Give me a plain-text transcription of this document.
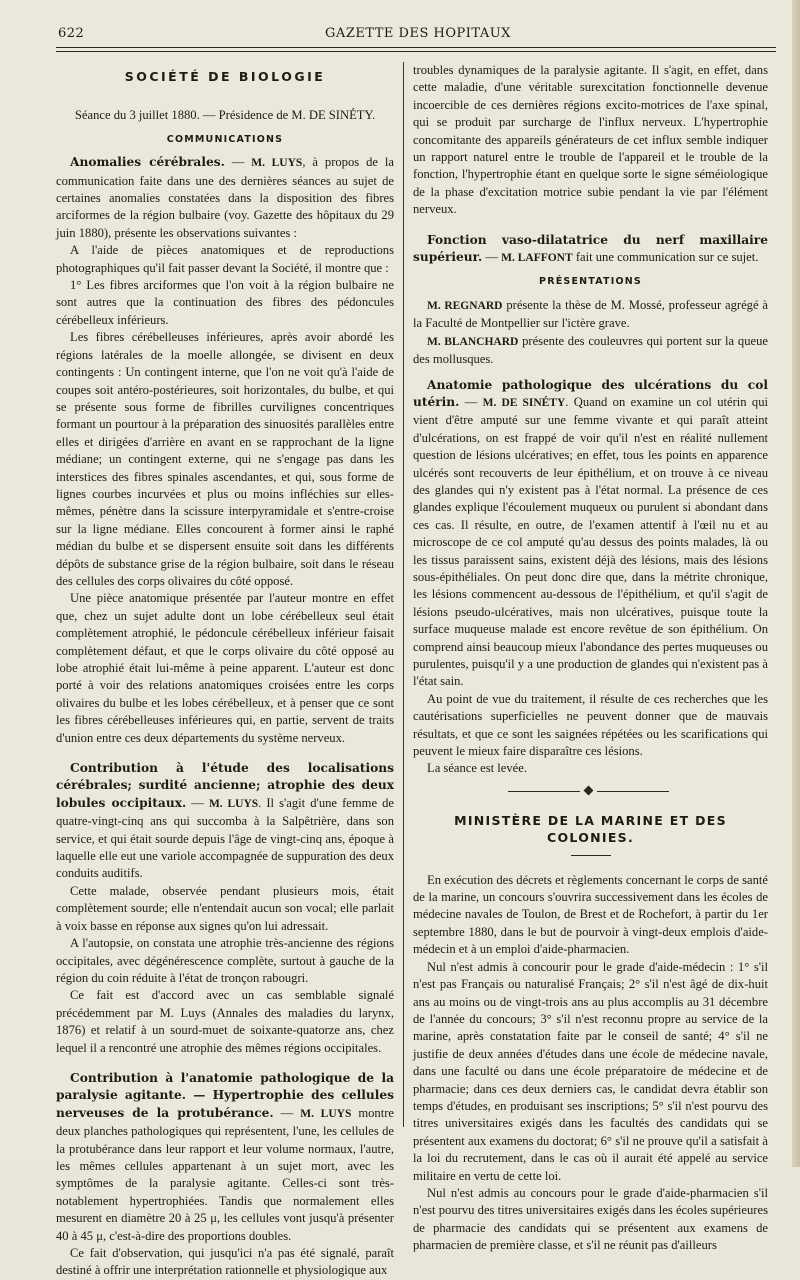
622	GAZETTE DES HOPITAUX
SOCIÉTÉ DE BIOLOGIE

Séance du 3 juillet 1880. — Présidence de M. DE SINÉTY.

COMMUNICATIONS

Anomalies cérébrales. — M. LUYS, à propos de la communication faite dans une des dernières séances au sujet de certaines anomalies constatées dans la disposition des fibres arciformes de la région bulbaire (voy. Gazette des hôpitaux du 29 juin 1880), présente les observations suivantes :

A l'aide de pièces anatomiques et de reproductions photographiques qu'il fait passer devant la Société, il montre que :

1° Les fibres arciformes que l'on voit à la région bulbaire ne sont autres que la continuation des fibres des pédoncules cérébelleux inférieurs.

Les fibres cérébelleuses inférieures, après avoir abordé les régions latérales de la moelle allongée, se divisent en deux contingents : Un contingent interne, que l'on ne voit qu'à l'aide de coupes soit antéro-postérieures, soit horizontales, du bulbe, et qui se présente sous forme de fibrilles curvilignes concentriques formant un pourtour à la préparation des sinuosités parallèles entre elles et dirigées d'arrière en avant en se rapprochant de la ligne médiane; un contingent externe, qui ne s'engage pas dans les interstices des fibres spinales ascendantes, et qui, sous forme de lignes courbes incurvées et plus ou moins infléchies sur elles-mêmes, pénètre dans la scissure interpyramidale et s'entre-croise sur la ligne médiane. Elles concourent à former ainsi le raphé médian du bulbe et se dispersent ensuite soit dans les différents dépôts de substance grise de la région bulbaire, soit dans le réseau des cellules des corps olivaires du côté opposé.

Une pièce anatomique présentée par l'auteur montre en effet que, chez un sujet adulte dont un lobe cérébelleux seul était complètement atrophié, le pédoncule cérébelleux inférieur faisait complètement défaut, et que le corps olivaire du côté opposé au lobe atrophié était lui-même à peine apparent. L'auteur est donc porté à voir des relations anatomiques croisées entre les corps olivaires du bulbe et les lobes cérébelleux, et à penser que ce sont les fibres cérébelleuses inférieures qui, en partie, servent de traits d'union entre ces deux départements du système nerveux.

Contribution à l'étude des localisations cérébrales; surdité ancienne; atrophie des deux lobules occipitaux. — M. LUYS. Il s'agit d'une femme de quatre-vingt-cinq ans qui succomba à la Salpêtrière, dans son service, et qui était sourde depuis l'âge de vingt-cinq ans, époque à laquelle elle eut une variole accompagnée de suppuration des deux conduits auditifs.

Cette malade, observée pendant plusieurs mois, était complètement sourde; elle n'entendait aucun son vocal; elle parlait à voix basse en réponse aux signes qu'on lui adressait.

A l'autopsie, on constata une atrophie très-ancienne des régions occipitales, avec dégénérescence complète, surtout à gauche de la région du coin réduite à l'état de tronçon rabougri.

Ce fait est d'accord avec un cas semblable signalé précédemment par M. Luys (Annales des maladies du larynx, 1876) et relatif à un sourd-muet de soixante-quatorze ans, chez lequel il a rencontré une atrophie des mêmes régions occipitales.

Contribution à l'anatomie pathologique de la paralysie agitante. — Hypertrophie des cellules nerveuses de la protubérance. — M. LUYS montre deux planches pathologiques qui représentent, l'une, les cellules de la protubérance dans leur rapport et leur volume normaux, l'autre, les mêmes cellules appartenant à un sujet mort, avec les symptômes de la paralysie agitante. Celles-ci sont très-notablement hypertrophiées. Tandis que normalement elles mesurent en diamètre 20 à 25 μ, les cellules vont jusqu'à présenter 40 à 45 μ, c'est-à-dire des proportions doubles.

Ce fait d'observation, qui jusqu'ici n'a pas été signalé, paraît destiné à offrir une interprétation rationnelle et physiologique aux

troubles dynamiques de la paralysie agitante. Il s'agit, en effet, dans cette maladie, d'une véritable surexcitation fonctionnelle devenue incoercible de ces dernières régions excito-motrices de l'axe spinal, qui se produit par surcharge de l'influx nerveux. L'hypertrophie concomitante des appareils générateurs de cet influx semble indiquer un rapport naturel entre le trouble de l'appareil et le trouble de la fonction, l'hypertrophie étant en quelque sorte le signe séméiologique de la phase d'excitation motrice subie pendant la vie par l'élément nerveux.

Fonction vaso-dilatatrice du nerf maxillaire supérieur. — M. LAFFONT fait une communication sur ce sujet.

PRÉSENTATIONS

M. REGNARD présente la thèse de M. Mossé, professeur agrégé à la Faculté de Montpellier sur l'ictère grave.

M. BLANCHARD présente des couleuvres qui portent sur la queue des mollusques.

Anatomie pathologique des ulcérations du col utérin. — M. DE SINÉTY. Quand on examine un col utérin qui vient d'être amputé sur une femme vivante et qui paraît atteint d'ulcérations, on est frappé de voir qu'il n'est en réalité nullement question de lésions ulcératives; en effet, tous les points en apparence ulcérés sont recouverts de leur épithélium, et on trouve à ce niveau des glandes qui n'y existent pas à l'état normal. La présence de ces glandes explique l'écoulement muqueux ou purulent si abondant dans ces cas. Il résulte, en outre, de l'examen attentif à l'œil nu et au microscope de ce col amputé qu'au dessus des points malades, là ou les tissus paraissent sains, existent déjà des lésions, mais des lésions sous-épithéliales. On peut donc dire que, dans la métrite chronique, les lésions commencent au-dessous de l'épithélium, et qu'il s'agit de lésions pseudo-ulcératives, mais non ulcératives, puisque toute la surface muqueuse malade est encore revêtue de son épithélium. On comprend ainsi beaucoup mieux l'abondance des pertes muqueuses ou purulentes, puisqu'il y a une production de glandes qui n'existent pas à l'état sain.

Au point de vue du traitement, il résulte de ces recherches que les cautérisations superficielles ne peuvent donner que de mauvais résultats, et que ce sont les saignées répétées ou les scarifications qui peuvent le mieux faire disparaître ces lésions.

La séance est levée.

MINISTÈRE DE LA MARINE ET DES COLONIES.

En exécution des décrets et règlements concernant le corps de santé de la marine, un concours s'ouvrira successivement dans les écoles de médecine navales de Toulon, de Brest et de Rochefort, à partir du 1er septembre 1880, dans le but de pourvoir à vingt-deux emplois d'aide-médecin et à un emploi d'aide-pharmacien.

Nul n'est admis à concourir pour le grade d'aide-médecin : 1° s'il n'est pas Français ou naturalisé Français; 2° s'il n'est âgé de dix-huit ans au moins ou de vingt-trois ans au plus accomplis au 31 décembre de l'année du concours; 3° s'il n'est reconnu propre au service de la marine, après constatation faite par le conseil de santé; 4° s'il ne justifie de deux années d'études dans une école de médecine navale, dans une faculté ou dans une école préparatoire de médecine et de pharmacie; dans ces deux derniers cas, le candidat devra établir son temps d'études, en produisant ses inscriptions; 5° s'il n'est pourvu des titres universitaires exigés dans les facultés des candidats qui se présentent aux examens du doctorat; 6° s'il ne prouve qu'il a satisfait à la loi du recrutement, dans le cas où il aurait été appelé au service militaire en vertu de cette loi.

Nul n'est admis au concours pour le grade d'aide-pharmacien s'il n'est pourvu des titres universitaires exigés dans les écoles supérieures de pharmacie des candidats qui se présentent aux examens de pharmacien de première classe, et s'il ne réunit pas d'ailleurs
